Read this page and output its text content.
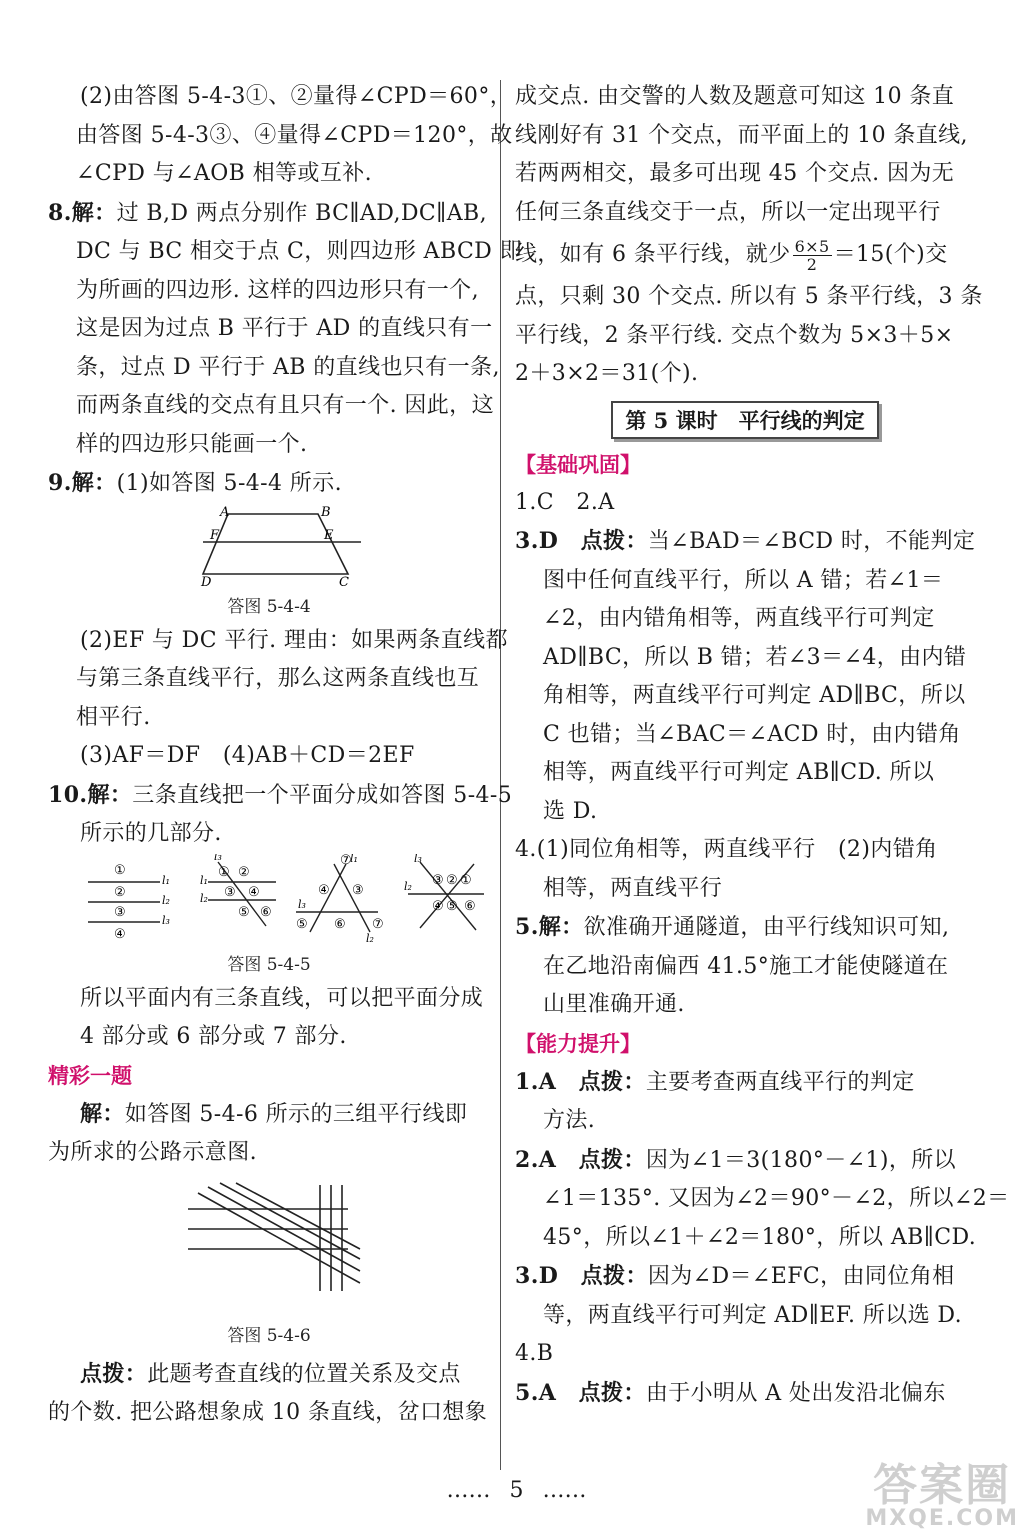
(2)由答图 5-4-3①、②量得∠CPD＝60°，
由答图 5-4-3③、④量得∠CPD＝120°，故
∠CPD 与∠AOB 相等或互补.
8.解：过 B,D 两点分别作 BC∥AD,DC∥AB,
DC 与 BC 相交于点 C，则四边形 ABCD 即
为所画的四边形. 这样的四边形只有一个,
这是因为过点 B 平行于 AD 的直线只有一
条，过点 D 平行于 AB 的直线也只有一条,
而两条直线的交点有且只有一个. 因此，这
样的四边形只能画一个.
9.解：(1)如答图 5-4-4 所示.
A	B
D	C
F	E
答图 5-4-4
(2)EF 与 DC 平行. 理由：如果两条直线都
与第三条直线平行，那么这两条直线也互
相平行.
(3)AF＝DF　(4)AB＋CD＝2EF
10.解：三条直线把一个平面分成如答图 5-4-5
所示的几部分.
①
②
③
④
l₁
l₂
l₃
l₃
l₁
l₂
① ②
③ ④
⑤ ⑥
⑦
l₁
④ ③
⑤ ⑥ ⑦
l₃
l₂
l₃
l₂ ③ ② ①
④ ⑤ ⑥
答图 5-4-5
所以平面内有三条直线，可以把平面分成
4 部分或 6 部分或 7 部分.
精彩一题
解：如答图 5-4-6 所示的三组平行线即
为所求的公路示意图.
答图 5-4-6
点拨：此题考查直线的位置关系及交点
的个数. 把公路想象成 10 条直线，岔口想象
成交点. 由交警的人数及题意可知这 10 条直
线刚好有 31 个交点，而平面上的 10 条直线,
若两两相交，最多可出现 45 个交点. 因为无
任何三条直线交于一点，所以一定出现平行
线，如有 6 条平行线，就少 $\frac{6\times 5}{2} =15$(个)交
点，只剩 30 个交点. 所以有 5 条平行线，3 条
平行线，2 条平行线. 交点个数为 5×3＋5×
2＋3×2＝31(个).
第 5 课时　平行线的判定
【基础巩固】
1.C　2.A
3.D　点拨：当∠BAD＝∠BCD 时，不能判定
图中任何直线平行，所以 A 错；若∠1＝
∠2，由内错角相等，两直线平行可判定
AD∥BC，所以 B 错；若∠3＝∠4，由内错
角相等，两直线平行可判定 AD∥BC，所以
C 也错；当∠BAC＝∠ACD 时，由内错角
相等，两直线平行可判定 AB∥CD. 所以
选 D.
4.(1)同位角相等，两直线平行　(2)内错角
相等，两直线平行
5.解：欲准确开通隧道，由平行线知识可知,
在乙地沿南偏西 41.5°施工才能使隧道在
山里准确开通.
【能力提升】
1.A　点拨：主要考查两直线平行的判定
方法.
2.A　点拨：因为∠1＝3(180°－∠1)，所以
∠1＝135°. 又因为∠2＝90°－∠2，所以∠2＝
45°，所以∠1＋∠2＝180°，所以 AB∥CD.
3.D　点拨：因为∠D＝∠EFC，由同位角相
等，两直线平行可判定 AD∥EF. 所以选 D.
4.B
5.A　点拨：由于小明从 A 处出发沿北偏东
…… 5 ……	答案圈
MXQE.COM
